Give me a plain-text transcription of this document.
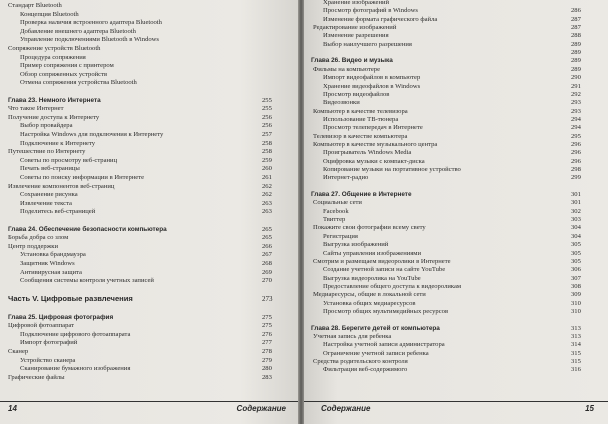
Стандарт Bluetooth
Концепция Bluetooth
Проверка наличия встроенного адаптера Bluetooth
Добавление внешнего адаптера Bluetooth
Управление подключениями Bluetooth в Windows
Сопряжение устройств Bluetooth
Процедура сопряжения
Пример сопряжения с принтером
Обзор сопряженных устройств
Отмена сопряжения устройства Bluetooth
Глава 23. Немного Интернета	255
Что такое Интернет	255
Получение доступа к Интернету	256
Выбор провайдера	256
Настройка Windows для подключения к Интернету	257
Подключение к Интернету	258
Путешествие по Интернету	258
Советы по просмотру веб-страниц	259
Печать веб-страницы	260
Советы по поиску информации в Интернете	261
Извлечение компонентов веб-страниц	262
Сохранение рисунка	262
Извлечение текста	263
Поделитесь веб-страницей	263
Глава 24. Обеспечение безопасности компьютера	265
Борьба добра со злом	265
Центр поддержки	266
Установка брандмауэра	267
Защитник Windows	268
Антивирусная защита	269
Сообщения системы контроля учетных записей	270
Часть V. Цифровые развлечения	273
Глава 25. Цифровая фотография	275
Цифровой фотоаппарат	275
Подключение цифрового фотоаппарата	276
Импорт фотографий	277
Сканер	278
Устройство сканера	279
Сканирование бумажного изображения	280
Графические файлы	283
14	Содержание
Хранение изображений
Просмотр фотографий в Windows	286
Изменение формата графического файла	287
Редактирование изображений	287
Изменение разрешения	288
Выбор наилучшего разрешения	289
289
Глава 26. Видео и музыка	289
Фильмы на компьютере	289
Импорт видеофайлов в компьютер	290
Хранение видеофайлов в Windows	291
Просмотр видеофайлов	292
Видеозвонки	293
Компьютер в качестве телевизора	293
Использование ТВ-тюнера	294
Просмотр телепередач в Интернете	294
Телевизор в качестве компьютера	295
Компьютер в качестве музыкального центра	296
Проигрыватель Windows Media	296
Оцифровка музыки с компакт-диска	296
Копирование музыки на портативное устройство	298
Интернет-радио	299
Глава 27. Общение в Интернете	301
Социальные сети	301
Facebook	302
Твиттер	303
Покажите свои фотографии всему свету	304
Регистрация	304
Выгрузка изображений	305
Сайты управления изображениями	305
Смотрим и размещаем видеоролики в Интернете	305
Создание учетной записи на сайте YouTube	306
Выгрузка видеоролика на YouTube	307
Предоставление общего доступа к видеороликам	308
Медиаресурсы, общие в локальной сети	309
Установка общих медиаресурсов	310
Просмотр общих мультимедийных ресурсов	310
Глава 28. Берегите детей от компьютера	313
Учетная запись для ребенка	313
Настройка учетной записи администратора	314
Ограничение учетной записи ребенка	315
Средства родительского контроля	315
Фильтрация веб-содержимого	316
Содержание	15
